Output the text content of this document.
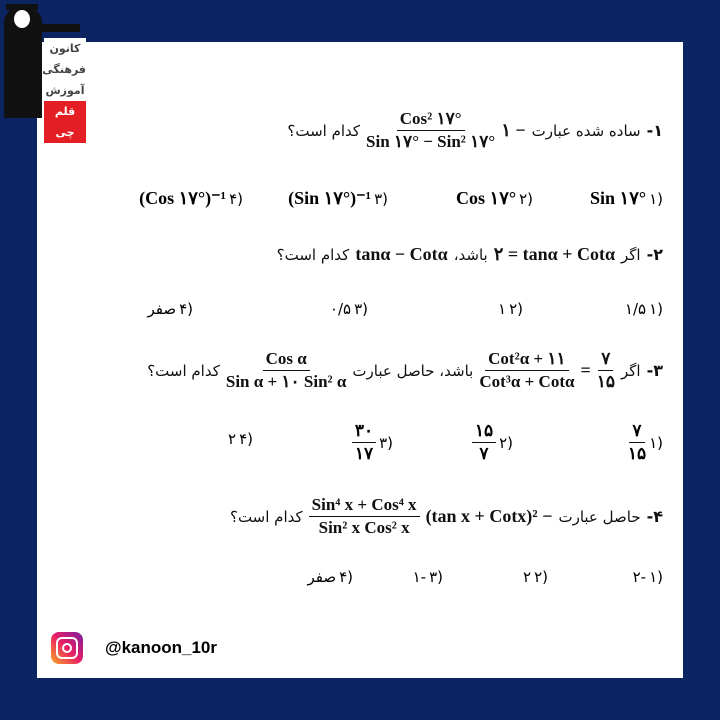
۱-
ساده شده عبارت
۱ −
$\frac{\text{Cos² ۱۷°}}{\text{Sin ۱۷° − Sin² ۱۷°}}$
کدام است؟
(۱
Sin ۱۷°
(۲
Cos ۱۷°
(۳
(Sin ۱۷°)⁻¹
(۴
(Cos ۱۷°)⁻¹
۲-
اگر
۲ = tanα + Cotα
باشد،
tanα − Cotα
کدام است؟
(۱
۱/۵
(۲
۱
(۳
۰/۵
(۴
صفر
۳-
اگر
$\frac{۷}{۱۵}$
=
$\frac{\text{Cot²α + ۱۱}}{\text{Cot³α + Cotα}}$
باشد، حاصل عبارت
$\frac{\text{Cos α}}{\text{Sin α + ۱۰ Sin² α}}$
کدام است؟
(۱
$\frac{۷}{۱۵}$
(۲
$\frac{۱۵}{۷}$
(۳
$\frac{۳۰}{۱۷}$
(۴
۲
۴-
حاصل عبارت
(tan x + Cotx)² −
$\frac{\text{Sin⁴ x + Cos⁴ x}}{\text{Sin² x Cos² x}}$
کدام است؟
(۱
-۲
(۲
۲
(۳
-۱
(۴
صفر
@kanoon_10r
کانون
فرهنگی
آموزش
قلم چی
